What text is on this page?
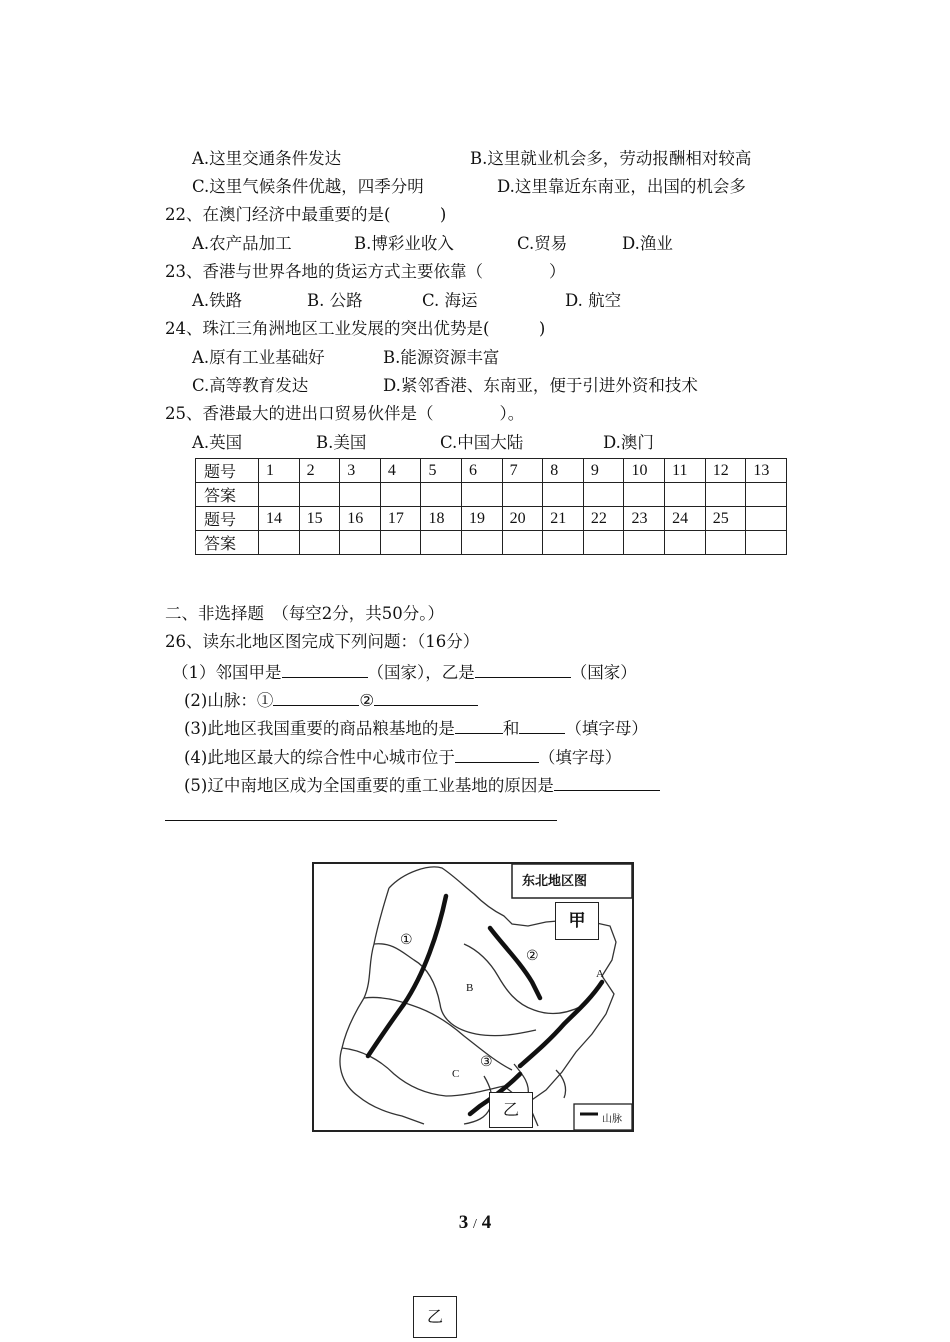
A.这里交通条件发达	B.这里就业机会多，劳动报酬相对较高
C.这里气候条件优越，四季分明	D.这里靠近东南亚，出国的机会多
22、在澳门经济中最重要的是(　　　)
A.农产品加工	B.博彩业收入	C.贸易	D.渔业
23、香港与世界各地的货运方式主要依靠（　　　　）
A.铁路	B. 公路	C. 海运	D. 航空
24、珠江三角洲地区工业发展的突出优势是(　　　)
A.原有工业基础好	B.能源资源丰富
C.高等教育发达	D.紧邻香港、东南亚，便于引进外资和技术
25、香港最大的进出口贸易伙伴是（　　　　）。
A.英国	B.美国	C.中国大陆	D.澳门
题号	1	2	3	4	5	6	7	8	9	10	11	12	13
答案													
题号	14	15	16	17	18	19	20	21	22	23	24	25	
答案													
二、非选择题　（每空2分，共50分。）
26、读东北地区图完成下列问题：（16分）
（1）邻国甲是	（国家），乙是	（国家）
(2)山脉：①	②
(3)此地区我国重要的商品粮基地的是	和	（填字母）
(4)此地区最大的综合性中心城市位于	（填字母）
(5)辽中南地区成为全国重要的重工业基地的原因是
东北地区图
甲
乙
①
②
③
A
B
C
山脉
3 / 4
乙
